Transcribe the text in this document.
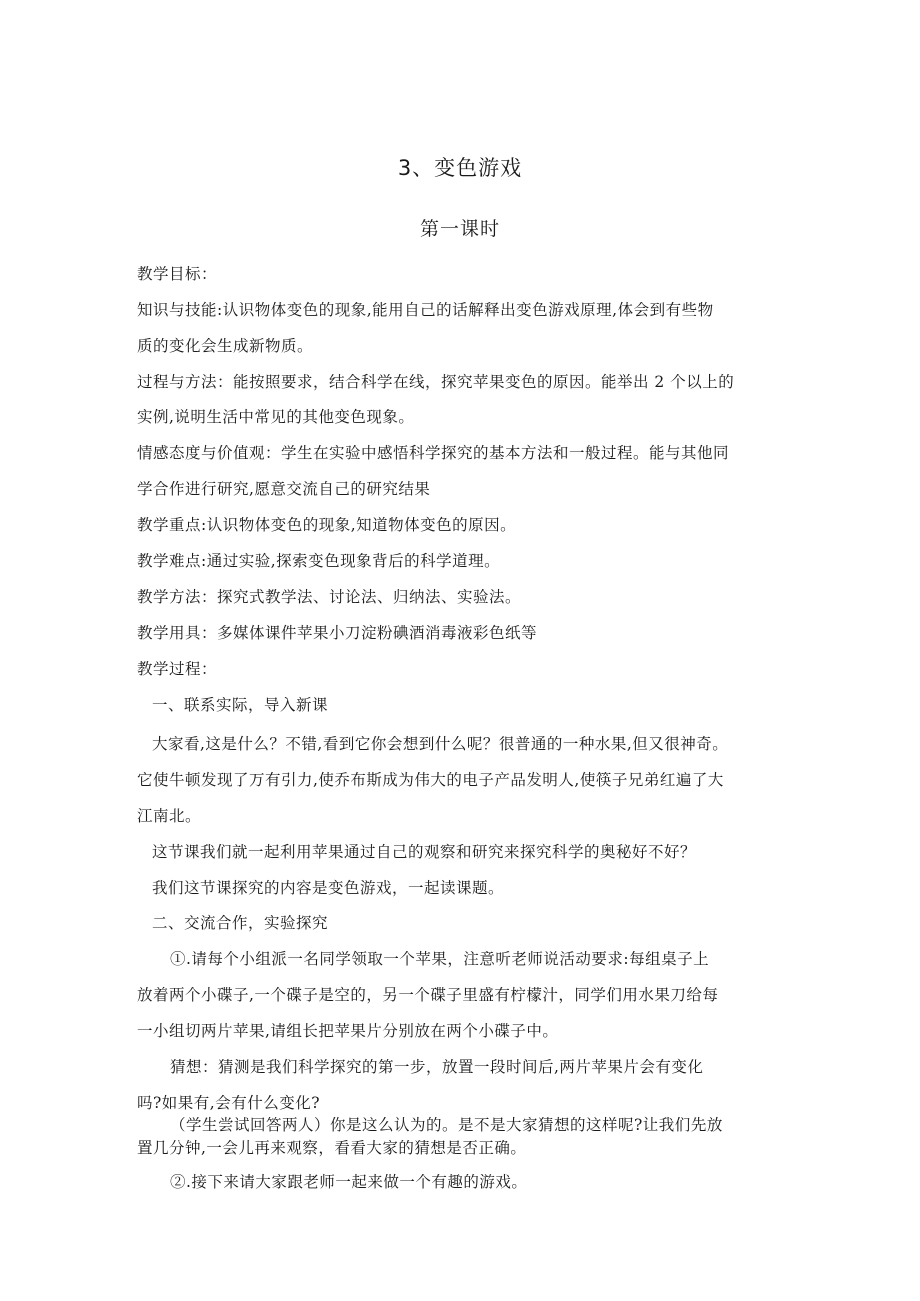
3、变色游戏
第一课时

教学目标：

知识与技能:认识物体变色的现象,能用自己的话解释出变色游戏原理,体会到有些物

质的变化会生成新物质。

过程与方法：能按照要求，结合科学在线，探究苹果变色的原因。能举出 2 个以上的

实例,说明生活中常见的其他变色现象。

情感态度与价值观：学生在实验中感悟科学探究的基本方法和一般过程。能与其他同

学合作进行研究,愿意交流自己的研究结果

教学重点:认识物体变色的现象,知道物体变色的原因。

教学难点:通过实验,探索变色现象背后的科学道理。

教学方法：探究式教学法、讨论法、归纳法、实验法。

教学用具：多媒体课件苹果小刀淀粉碘酒消毒液彩色纸等

教学过程：

一、联系实际，导入新课

大家看,这是什么？不错,看到它你会想到什么呢？很普通的一种水果,但又很神奇。

它使牛顿发现了万有引力,使乔布斯成为伟大的电子产品发明人,使筷子兄弟红遍了大

江南北。

这节课我们就一起利用苹果通过自己的观察和研究来探究科学的奥秘好不好？

我们这节课探究的内容是变色游戏，一起读课题。

二、交流合作，实验探究

①.请每个小组派一名同学领取一个苹果，注意听老师说活动要求:每组桌子上

放着两个小碟子,一个碟子是空的，另一个碟子里盛有柠檬汁，同学们用水果刀给每

一小组切两片苹果,请组长把苹果片分别放在两个小碟子中。

猜想：猜测是我们科学探究的第一步，放置一段时间后,两片苹果片会有变化

吗?如果有,会有什么变化?

（学生尝试回答两人）你是这么认为的。是不是大家猜想的这样呢?让我们先放

置几分钟,一会儿再来观察，看看大家的猜想是否正确。

②.接下来请大家跟老师一起来做一个有趣的游戏。
